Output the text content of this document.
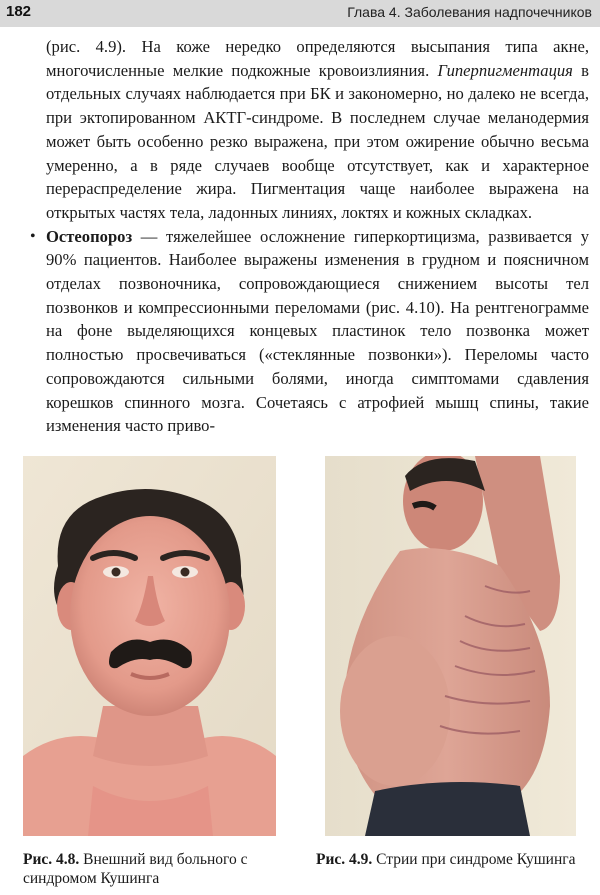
182	Глава 4. Заболевания надпочечников

(рис. 4.9). На коже нередко определяются высыпания типа акне, многочисленные мелкие подкожные кровоизлияния. Гиперпигментация в отдельных случаях наблюдается при БК и закономерно, но далеко не всегда, при эктопированном АКТГ-синдроме. В последнем случае меланодермия может быть особенно резко выражена, при этом ожирение обычно весьма умеренно, а в ряде случаев вообще отсутствует, как и характерное перераспределение жира. Пигментация чаще наиболее выражена на открытых частях тела, ладонных линиях, локтях и кожных складках.

• Остеопороз — тяжелейшее осложнение гиперкортицизма, развивается у 90% пациентов. Наиболее выражены изменения в грудном и поясничном отделах позвоночника, сопровождающиеся снижением высоты тел позвонков и компрессионными переломами (рис. 4.10). На рентгенограмме на фоне выделяющихся концевых пластинок тело позвонка может полностью просвечиваться («стеклянные позвонки»). Переломы часто сопровождаются сильными болями, иногда симптомами сдавления корешков спинного мозга. Сочетаясь с атрофией мышц спины, такие изменения часто приво-

Рис. 4.8. Внешний вид больного с синдромом Кушинга
Рис. 4.9. Стрии при синдроме Кушинга
